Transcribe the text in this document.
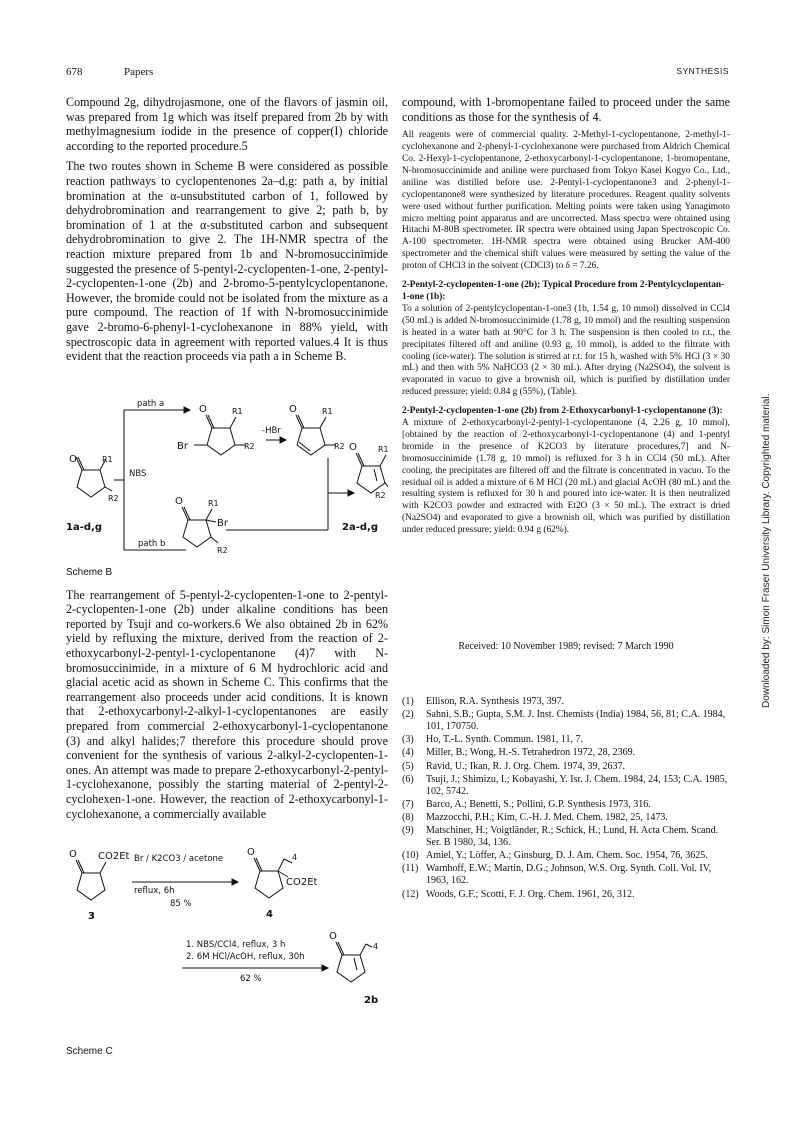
678	Papers	SYNTHESIS

Compound 2g, dihydrojasmone, one of the flavors of jasmin oil, was prepared from 1g which was itself prepared from 2b by with methylmagnesium iodide in the presence of copper(I) chloride according to the reported procedure.5

The two routes shown in Scheme B were considered as possible reaction pathways to cyclopentenones 2a–d,g: path a, by initial bromination at the α-unsubstituted carbon of 1, followed by dehydrobromination and rearrangement to give 2; path b, by bromination of 1 at the α-substituted carbon and subsequent dehydrobromination to give 2. The 1H-NMR spectra of the reaction mixture prepared from 1b and N-bromosuccinimide suggested the presence of 5-pentyl-2-cyclopenten-1-one, 2-pentyl-2-cyclopenten-1-one (2b) and 2-bromo-5-pentylcyclopentanone. However, the bromide could not be isolated from the mixture as a pure compound. The reaction of 1f with N-bromosuccinimide gave 2-bromo-6-phenyl-1-cyclohexanone in 88% yield, with spectroscopic data in agreement with reported values.4 It is thus evident that the reaction proceeds via path a in Scheme B.

O	R1
R2
NBS
path a
path b
O	R1
Br	R2
-HBr
O	R1
R2 O	R1
R2
O	R1
Br
R2
1a-d,g	2a-d,g
Scheme B

The rearrangement of 5-pentyl-2-cyclopenten-1-one to 2-pentyl-2-cyclopenten-1-one (2b) under alkaline conditions has been reported by Tsuji and co-workers.6 We also obtained 2b in 62% yield by refluxing the mixture, derived from the reaction of 2-ethoxycarbonyl-2-pentyl-1-cyclopentanone (4)7 with N-bromosuccinimide, in a mixture of 6 M hydrochloric acid and glacial acetic acid as shown in Scheme C. This confirms that the rearrangement also proceeds under acid conditions. It is known that 2-ethoxycarbonyl-2-alkyl-1-cyclopentanones are easily prepared from commercial 2-ethoxycarbonyl-1-cyclopentanone (3) and alkyl halides;7 therefore this procedure should prove convenient for the synthesis of various 2-alkyl-2-cyclopenten-1-ones. An attempt was made to prepare 2-ethoxycarbonyl-2-pentyl-1-cyclohexanone, possibly the starting material of 2-pentyl-2-cyclohexen-1-one. However, the reaction of 2-ethoxycarbonyl-1-cyclohexanone, a commercially available

O CO2Et
3
Br / K2CO3 / acetone
reflux, 6h
85 %
O	4
CO2Et
4
1. NBS/CCl4, reflux, 3 h
2. 6M HCl/AcOH, reflux, 30h
62 %
O
4
2b
Scheme C

compound, with 1-bromopentane failed to proceed under the same conditions as those for the synthesis of 4.

All reagents were of commercial quality. 2-Methyl-1-cyclopentanone, 2-methyl-1-cyclohexanone and 2-phenyl-1-cyclohexanone were purchased from Aldrich Chemical Co. 2-Hexyl-1-cyclopentanone, 2-ethoxycarbonyl-1-cyclopentanone, 1-bromopentane, N-bromosuccinimide and aniline were purchased from Tokyo Kasei Kogyo Co., Ltd., aniline was distilled before use. 2-Pentyl-1-cyclopentanone3 and 2-phenyl-1-cyclopentanone8 were synthesized by literature procedures. Reagent quality solvents were used without further purification. Melting points were taken using Yanagimoto micro melting point apparatus and are uncorrected. Mass spectra were obtained using Hitachi M-80B spectrometer. IR spectra were obtained using Japan Spectroscopic Co. A-100 spectrometer. 1H-NMR spectra were obtained using Brucker AM-400 spectrometer and the chemical shift values were measured by setting the value of the proton of CHCl3 in the solvent (CDCl3) to δ = 7.26.

2-Pentyl-2-cyclopenten-1-one (2b); Typical Procedure from 2-Pentylcyclopentan-1-one (1b):

To a solution of 2-pentylcyclopentan-1-one3 (1b, 1.54 g, 10 mmol) dissolved in CCl4 (50 mL) is added N-bromosuccinimide (1.78 g, 10 mmol) and the resulting suspension is heated in a water bath at 90°C for 3 h. The suspension is then cooled to r.t., the precipitates filtered off and aniline (0.93 g, 10 mmol), is added to the filtrate with cooling (ice-water). The solution is stirred at r.t. for 15 h, washed with 5% HCl (3 × 30 mL) and then with 5% NaHCO3 (2 × 30 mL). After drying (Na2SO4), the solvent is evaporated in vacuo to give a brownish oil, which is purified by distillation under reduced pressure; yield: 0.84 g (55%), (Table).

2-Pentyl-2-cyclopenten-1-one (2b) from 2-Ethoxycarbonyl-1-cyclopentanone (3):

A mixture of 2-ethoxycarbonyl-2-pentyl-1-cyclopentanone (4, 2.26 g, 10 mmol), [obtained by the reaction of 2-ethoxycarbonyl-1-cyclopentanone (4) and 1-pentyl bromide in the presence of K2CO3 by literature procedures,7] and N-bromosuccinimide (1.78 g, 10 mmol) is refluxed for 3 h in CCl4 (50 mL). After cooling, the precipitates are filtered off and the filtrate is concentrated in vacuo. To the residual oil is added a mixture of 6 M HCl (20 mL) and glacial AcOH (80 mL) and the resulting system is refluxed for 30 h and poured into ice-water. It is then neutralized with K2CO3 powder and extracted with Et2O (3 × 50 mL). The extract is dried (Na2SO4) and evaporated to give a brownish oil, which was purified by distillation under reduced pressure; yield: 0.94 g (62%).

Received: 10 November 1989; revised: 7 March 1990

(1) Ellison, R.A. Synthesis 1973, 397.
(2) Sahni, S.B.; Gupta, S.M. J. Inst. Chemists (India) 1984, 56, 81; C.A. 1984, 101, 170750.
(3) Ho, T.-L. Synth. Commun. 1981, 11, 7.
(4) Miller, B.; Wong, H.-S. Tetrahedron 1972, 28, 2369.
(5) Ravid, U.; Ikan, R. J. Org. Chem. 1974, 39, 2637.
(6) Tsuji, J.; Shimizu, I.; Kobayashi, Y. Isr. J. Chem. 1984, 24, 153; C.A. 1985, 102, 5742.
(7) Barco, A.; Benetti, S.; Pollini, G.P. Synthesis 1973, 316.
(8) Mazzocchi, P.H.; Kim, C.-H. J. Med. Chem. 1982, 25, 1473.
(9) Matschiner, H.; Voigtländer, R.; Schick, H.; Lund, H. Acta Chem. Scand. Ser. B 1980, 34, 136.
(10) Amiel, Y.; Löffer, A.; Ginsburg, D. J. Am. Chem. Soc. 1954, 76, 3625.
(11) Warnhoff, E.W.; Martin, D.G.; Johnson, W.S. Org. Synth. Coll. Vol. IV, 1963, 162.
(12) Woods, G.F.; Scotti, F. J. Org. Chem. 1961, 26, 312.
Downloaded by: Simon Fraser University Library. Copyrighted material.
